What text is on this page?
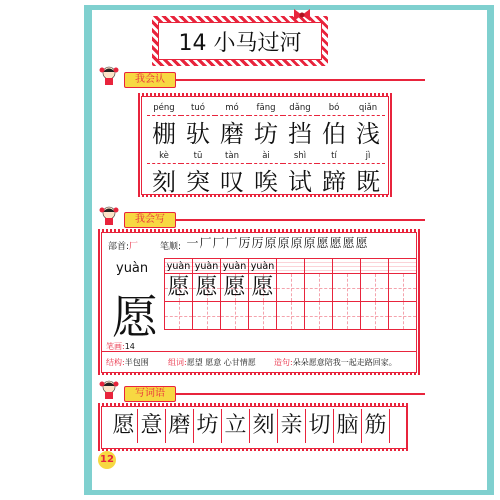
14 小马过河
我会认
péng
棚
tuó
驮
mó
磨
fāng
坊
dǎng
挡
bó
伯
qiǎn
浅
kè
刻
tū
突
tàn
叹
ài
唉
shì
试
tí
蹄
jì
既
我会写
部首:厂 笔顺: 一 厂 厂 厂 厉 厉 原 原 原 原 愿 愿 愿 愿
yuàn
愿
yuàn yuàn yuàn yuàn
愿 愿 愿 愿
笔画:14
结构:半包围 组词:愿望 愿意 心甘情愿 造句:朵朵愿意陪我一起走路回家。
写词语
愿 意 磨 坊 立 刻 亲 切 脑 筋
12
